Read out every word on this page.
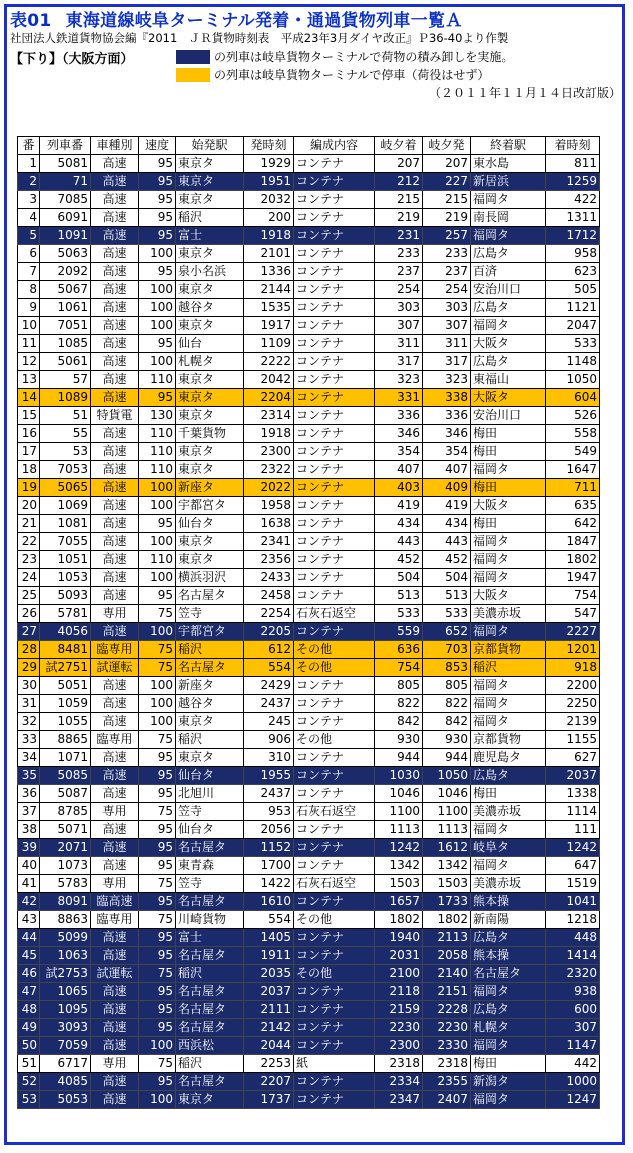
表01 東海道線岐阜ターミナル発着・通過貨物列車一覧Ａ
社団法人鉄道貨物協会編『2011　ＪＲ貨物時刻表　平成23年3月ダイヤ改正』Ｐ36-40より作製
【下り】（大阪方面）	の列車は岐阜貨物ターミナルで荷物の積み卸しを実施。
の列車は岐阜貨物ターミナルで停車（荷役はせず）
（２０１１年１１月１４日改訂版）
番	列車番	車種別	速度	始発駅	発時刻	編成内容	岐夕着	岐夕発	終着駅	着時刻
1	5081	高速	95	東京タ	1929	コンテナ	207	207	東水島	811
2	71	高速	95	東京タ	1951	コンテナ	212	227	新居浜	1259
3	7085	高速	95	東京タ	2032	コンテナ	215	215	福岡タ	422
4	6091	高速	95	稲沢	200	コンテナ	219	219	南長岡	1311
5	1091	高速	95	富士	1918	コンテナ	231	257	福岡タ	1712
6	5063	高速	100	東京タ	2101	コンテナ	233	233	広島タ	958
7	2092	高速	95	泉小名浜	1336	コンテナ	237	237	百済	623
8	5067	高速	100	東京タ	2144	コンテナ	254	254	安治川口	505
9	1061	高速	100	越谷タ	1535	コンテナ	303	303	広島タ	1121
10	7051	高速	100	東京タ	1917	コンテナ	307	307	福岡タ	2047
11	1085	高速	95	仙台	1109	コンテナ	311	311	大阪タ	533
12	5061	高速	100	札幌タ	2222	コンテナ	317	317	広島タ	1148
13	57	高速	110	東京タ	2042	コンテナ	323	323	東福山	1050
14	1089	高速	95	東京タ	2204	コンテナ	331	338	大阪タ	604
15	51	特貨電	130	東京タ	2314	コンテナ	336	336	安治川口	526
16	55	高速	110	千葉貨物	1918	コンテナ	346	346	梅田	558
17	53	高速	110	東京タ	2300	コンテナ	354	354	梅田	549
18	7053	高速	110	東京タ	2322	コンテナ	407	407	福岡タ	1647
19	5065	高速	100	新座タ	2022	コンテナ	403	409	梅田	711
20	1069	高速	100	宇都宮タ	1958	コンテナ	419	419	大阪タ	635
21	1081	高速	95	仙台タ	1638	コンテナ	434	434	梅田	642
22	7055	高速	100	東京タ	2341	コンテナ	443	443	福岡タ	1847
23	1051	高速	110	東京タ	2356	コンテナ	452	452	福岡タ	1802
24	1053	高速	100	横浜羽沢	2433	コンテナ	504	504	福岡タ	1947
25	5093	高速	95	名古屋タ	2458	コンテナ	513	513	大阪タ	754
26	5781	専用	75	笠寺	2254	石灰石返空	533	533	美濃赤坂	547
27	4056	高速	100	宇都宮タ	2205	コンテナ	559	652	福岡タ	2227
28	8481	臨専用	75	稲沢	612	その他	636	703	京都貨物	1201
29	試2751	試運転	75	名古屋タ	554	その他	754	853	稲沢	918
30	5051	高速	100	新座タ	2429	コンテナ	805	805	福岡タ	2200
31	1059	高速	100	越谷タ	2437	コンテナ	822	822	福岡タ	2250
32	1055	高速	100	東京タ	245	コンテナ	842	842	福岡タ	2139
33	8865	臨専用	75	稲沢	906	その他	930	930	京都貨物	1155
34	1071	高速	95	東京タ	310	コンテナ	944	944	鹿児島タ	627
35	5085	高速	95	仙台タ	1955	コンテナ	1030	1050	広島タ	2037
36	5087	高速	95	北旭川	2437	コンテナ	1046	1046	梅田	1338
37	8785	専用	75	笠寺	953	石灰石返空	1100	1100	美濃赤坂	1114
38	5071	高速	95	仙台タ	2056	コンテナ	1113	1113	福岡タ	111
39	2071	高速	95	名古屋タ	1152	コンテナ	1242	1612	岐阜タ	1242
40	1073	高速	95	東青森	1700	コンテナ	1342	1342	福岡タ	647
41	5783	専用	75	笠寺	1422	石灰石返空	1503	1503	美濃赤坂	1519
42	8091	臨高速	95	名古屋タ	1610	コンテナ	1657	1733	熊本操	1041
43	8863	臨専用	75	川崎貨物	554	その他	1802	1802	新南陽	1218
44	5099	高速	95	富士	1405	コンテナ	1940	2113	広島タ	448
45	1063	高速	95	名古屋タ	1911	コンテナ	2031	2058	熊本操	1414
46	試2753	試運転	75	稲沢	2035	その他	2100	2140	名古屋タ	2320
47	1065	高速	95	名古屋タ	2037	コンテナ	2118	2151	福岡タ	938
48	1095	高速	95	名古屋タ	2111	コンテナ	2159	2228	広島タ	600
49	3093	高速	95	名古屋タ	2142	コンテナ	2230	2230	札幌タ	307
50	7059	高速	100	西浜松	2044	コンテナ	2300	2330	福岡タ	1147
51	6717	専用	75	稲沢	2253	紙	2318	2318	梅田	442
52	4085	高速	95	名古屋タ	2207	コンテナ	2334	2355	新潟タ	1000
53	5053	高速	100	東京タ	1737	コンテナ	2347	2407	福岡タ	1247
